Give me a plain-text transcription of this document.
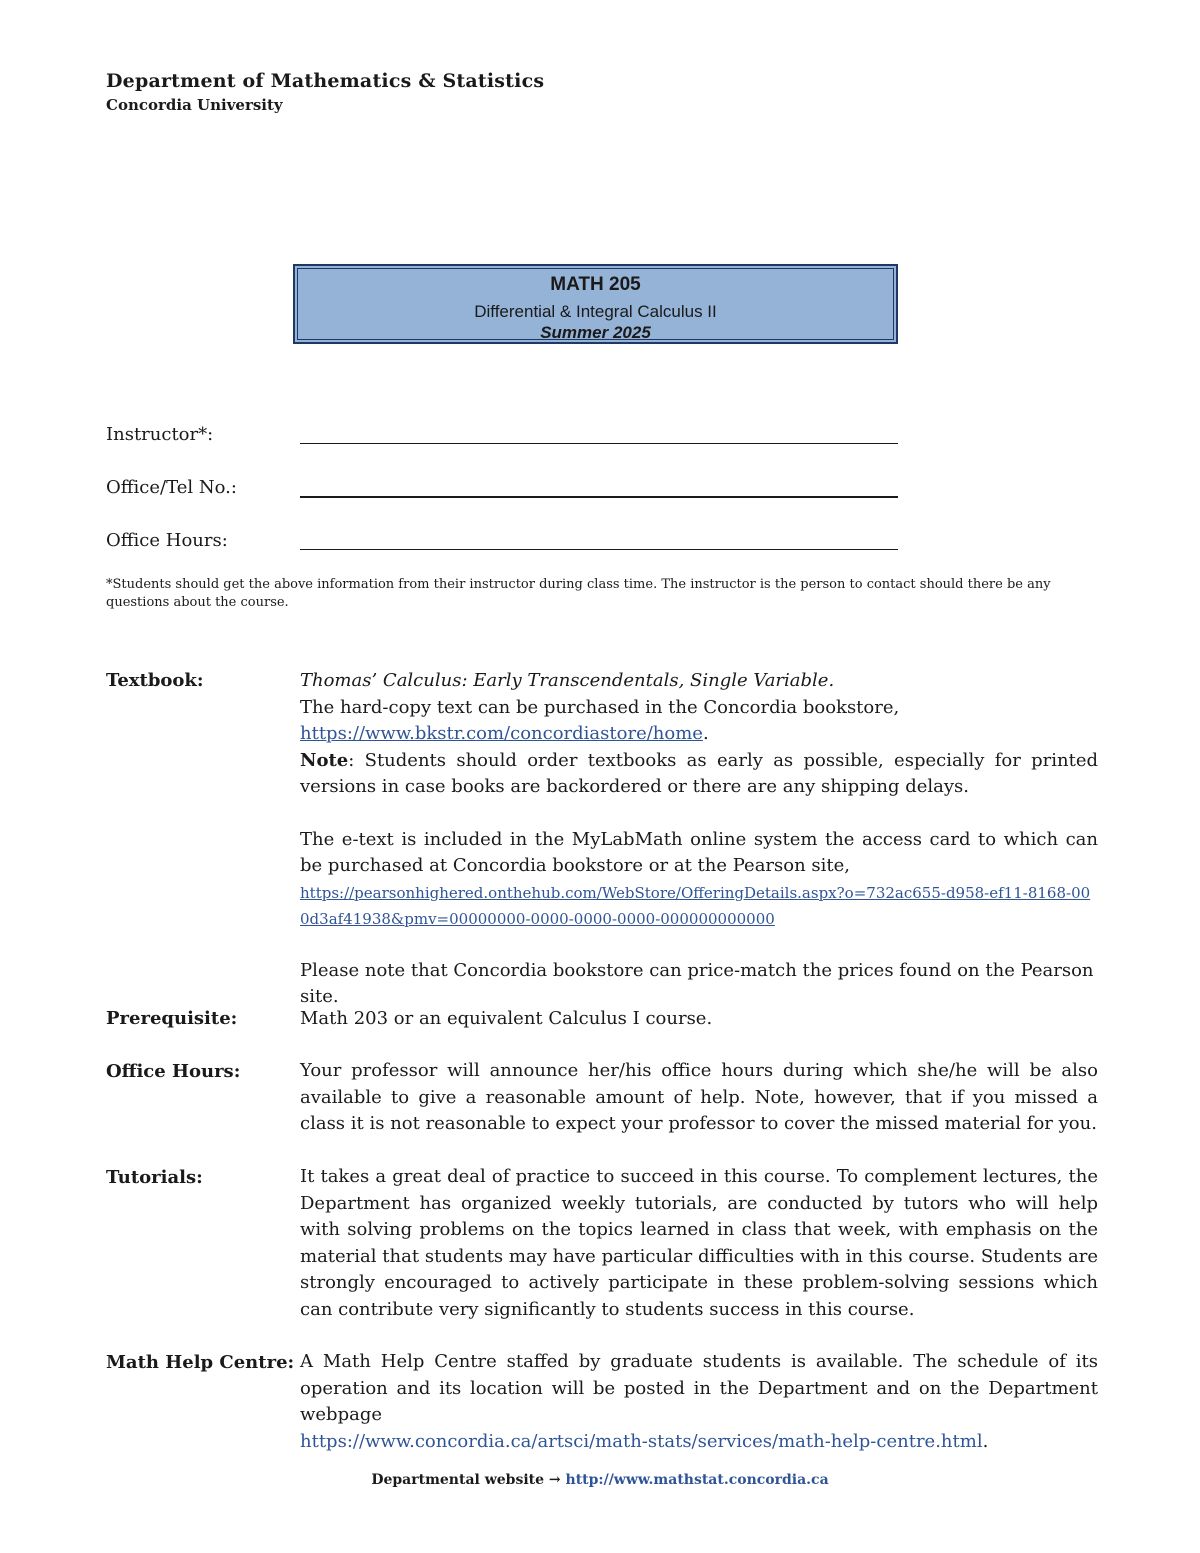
Department of Mathematics & Statistics
Concordia University
MATH 205
Differential & Integral Calculus II
Summer 2025
Instructor*:
Office/Tel No.:
Office Hours:
*Students should get the above information from their instructor during class time. The instructor is the person to contact should there be any questions about the course.
Textbook:	Thomas’ Calculus: Early Transcendentals, Single Variable.

The hard-copy text can be purchased in the Concordia bookstore,

https://www.bkstr.com/concordiastore/home.

Note: Students should order textbooks as early as possible, especially for printed versions in case books are backordered or there are any shipping delays.

The e-text is included in the MyLabMath online system the access card to which can be purchased at Concordia bookstore or at the Pearson site,

https://pearsonhighered.onthehub.com/WebStore/OfferingDetails.aspx?o=732ac655-d958-ef11-8168-000d3af41938&pmv=00000000-0000-0000-0000-000000000000

Please note that Concordia bookstore can price-match the prices found on the Pearson site.

Prerequisite:	Math 203 or an equivalent Calculus I course.
Office Hours:	Your professor will announce her/his office hours during which she/he will be also available to give a reasonable amount of help. Note, however, that if you missed a class it is not reasonable to expect your professor to cover the missed material for you.
Tutorials:	It takes a great deal of practice to succeed in this course. To complement lectures, the Department has organized weekly tutorials, are conducted by tutors who will help with solving problems on the topics learned in class that week, with emphasis on the material that students may have particular difficulties with in this course. Students are strongly encouraged to actively participate in these problem-solving sessions which can contribute very significantly to students success in this course.
Math Help Centre: A Math Help Centre staffed by graduate students is available. The schedule of its operation and its location will be posted in the Department and on the Department webpage

https://www.concordia.ca/artsci/math-stats/services/math-help-centre.html.

Departmental website → http://www.mathstat.concordia.ca
